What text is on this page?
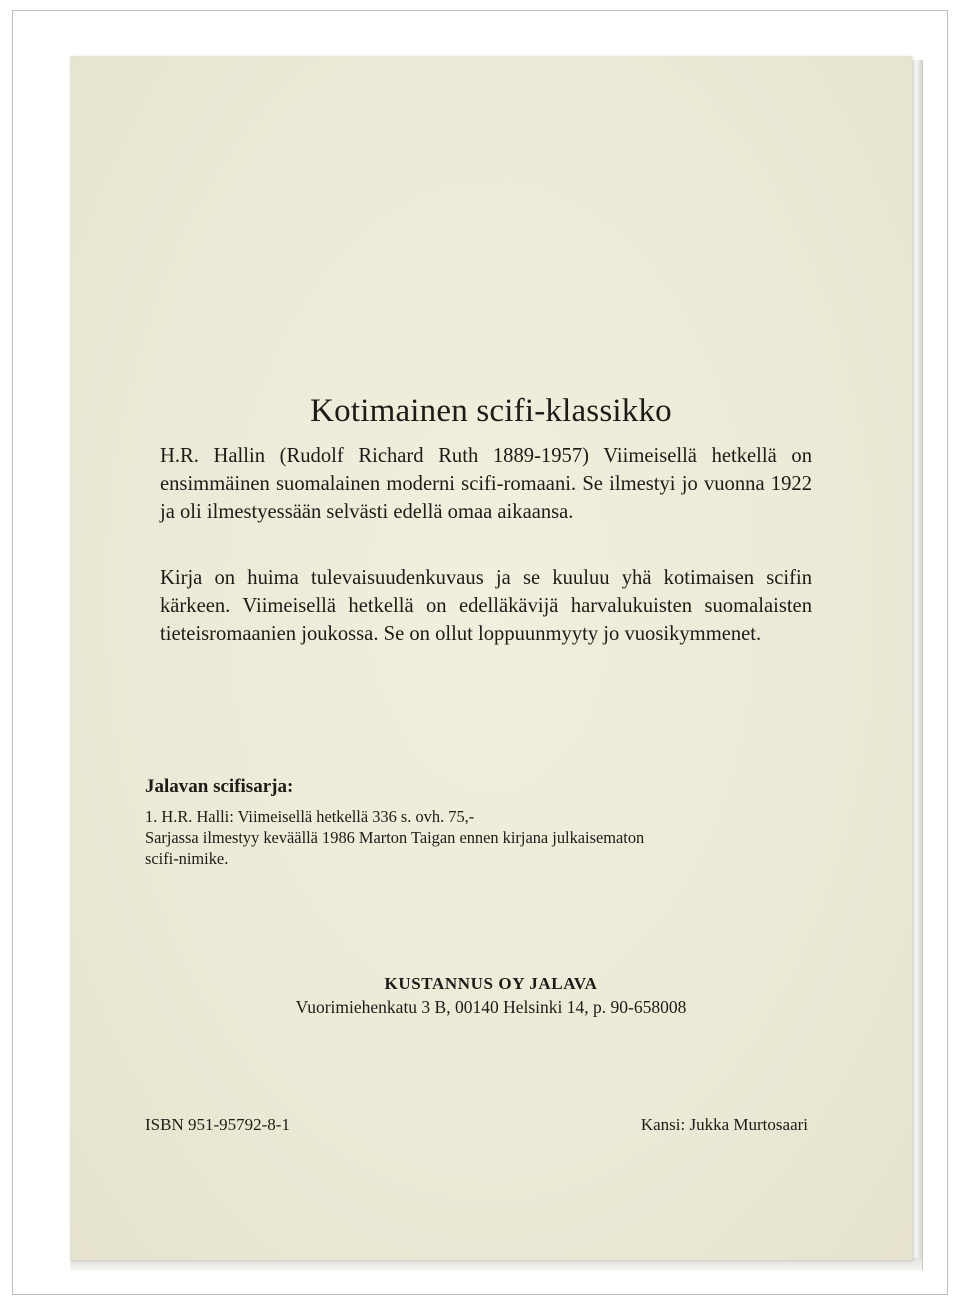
Kotimainen scifi-klassikko

H.R. Hallin (Rudolf Richard Ruth 1889-1957) Viimeisellä hetkellä on ensimmäinen suomalainen moderni scifi-romaani. Se ilmestyi jo vuonna 1922 ja oli ilmestyessään selvästi edellä omaa aikaansa.

Kirja on huima tulevaisuudenkuvaus ja se kuuluu yhä kotimaisen scifin kärkeen. Viimeisellä hetkellä on edelläkävijä harvalukuisten suomalaisten tieteisromaanien joukossa. Se on ollut loppuunmyyty jo vuosikymmenet.

Jalavan scifisarja:
1. H.R. Halli: Viimeisellä hetkellä 336 s. ovh. 75,-
Sarjassa ilmestyy keväällä 1986 Marton Taigan ennen kirjana julkaisematon
scifi-nimike.
KUSTANNUS OY JALAVA
Vuorimiehenkatu 3 B, 00140 Helsinki 14, p. 90-658008
ISBN 951-95792-8-1	Kansi: Jukka Murtosaari
